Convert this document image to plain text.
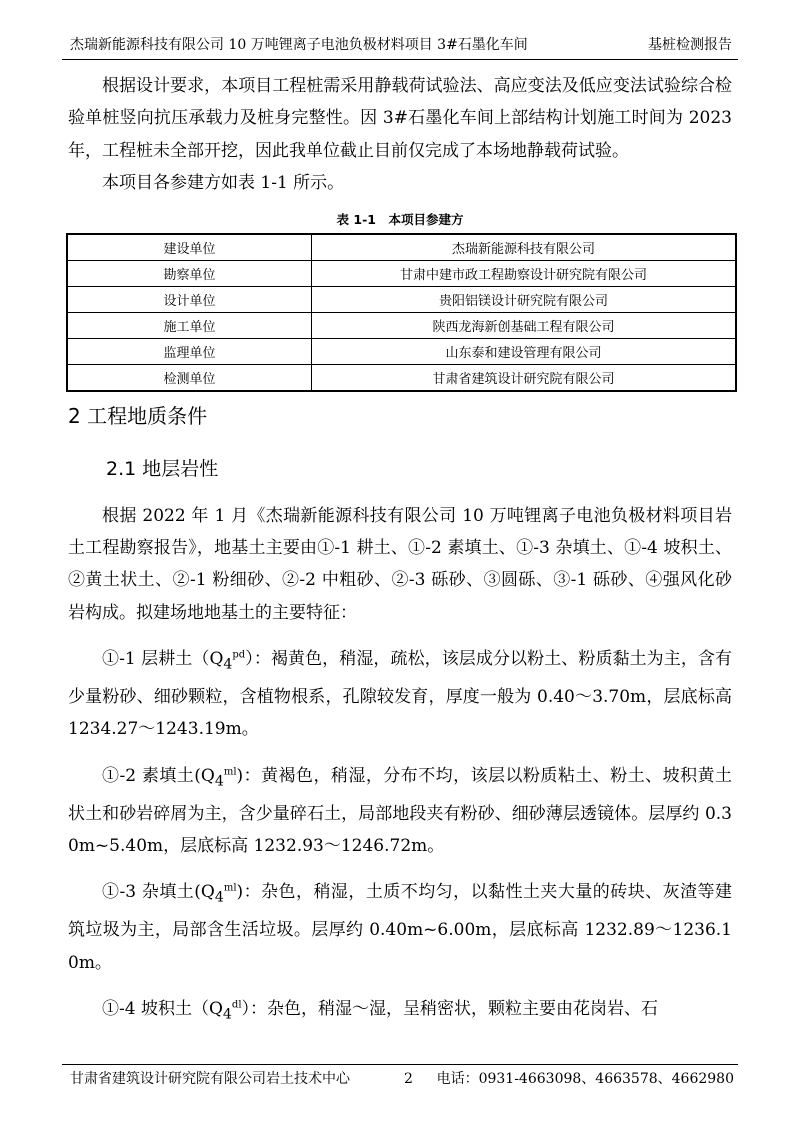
杰瑞新能源科技有限公司 10 万吨锂离子电池负极材料项目 3#石墨化车间	基桩检测报告

根据设计要求，本项目工程桩需采用静载荷试验法、高应变法及低应变法试验综合检验单桩竖向抗压承载力及桩身完整性。因 3#石墨化车间上部结构计划施工时间为 2023 年，工程桩未全部开挖，因此我单位截止目前仅完成了本场地静载荷试验。

本项目各参建方如表 1-1 所示。

表 1-1　本项目参建方
建设单位	杰瑞新能源科技有限公司
勘察单位	甘肃中建市政工程勘察设计研究院有限公司
设计单位	贵阳铝镁设计研究院有限公司
施工单位	陕西龙海新创基础工程有限公司
监理单位	山东泰和建设管理有限公司
检测单位	甘肃省建筑设计研究院有限公司
2 工程地质条件
2.1 地层岩性

根据 2022 年 1 月《杰瑞新能源科技有限公司 10 万吨锂离子电池负极材料项目岩土工程勘察报告》，地基土主要由①-1 耕土、①-2 素填土、①-3 杂填土、①-4 坡积土、②黄土状土、②-1 粉细砂、②-2 中粗砂、②-3 砾砂、③圆砾、③-1 砾砂、④强风化砂岩构成。拟建场地地基土的主要特征：

①-1 层耕土$(Q_4^{pd})$：褐黄色，稍湿，疏松，该层成分以粉土、粉质黏土为主，含有少量粉砂、细砂颗粒，含植物根系，孔隙较发育，厚度一般为 0.40～3.70m，层底标高 1234.27～1243.19m。

①-2 素填土$(Q_4^{ml})$：黄褐色，稍湿，分布不均，该层以粉质粘土、粉土、坡积黄土状土和砂岩碎屑为主，含少量碎石土，局部地段夹有粉砂、细砂薄层透镜体。层厚约 0.30m~5.40m，层底标高 1232.93～1246.72m。

①-3 杂填土$(Q_4^{ml})$：杂色，稍湿，土质不均匀，以黏性土夹大量的砖块、灰渣等建筑垃圾为主，局部含生活垃圾。层厚约 0.40m~6.00m，层底标高 1232.89～1236.10m。

①-4 坡积土$(Q_4^{dl})$：杂色，稍湿～湿，呈稍密状，颗粒主要由花岗岩、石

甘肃省建筑设计研究院有限公司岩土技术中心	2 电话：0931-4663098、4663578、4662980
